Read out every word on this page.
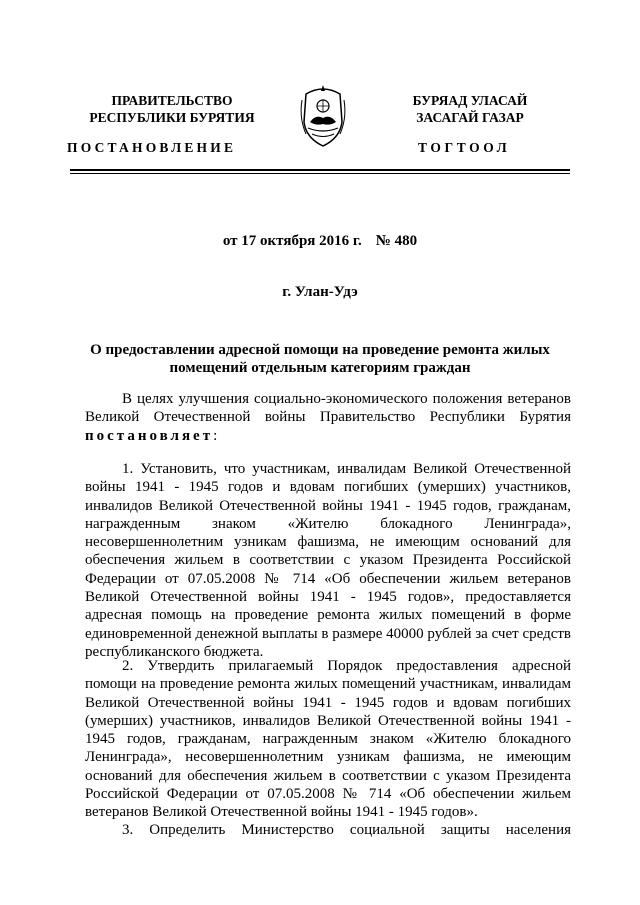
ПРАВИТЕЛЬСТВО
РЕСПУБЛИКИ БУРЯТИЯ
БУРЯАД УЛАСАЙ
ЗАСАГАЙ ГАЗАР
ПОСТАНОВЛЕНИЕ	ТОГТООЛ
от 17 октября 2016 г. № 480
г. Улан-Удэ
О предоставлении адресной помощи на проведение ремонта жилых
помещений отдельным категориям граждан

В целях улучшения социально-экономического положения ветеранов Великой Отечественной войны Правительство Республики Бурятия постановляет:

1. Установить, что участникам, инвалидам Великой Отечественной войны 1941 - 1945 годов и вдовам погибших (умерших) участников, инвалидов Великой Отечественной войны 1941 - 1945 годов, гражданам, награжденным знаком «Жителю блокадного Ленинграда», несовершеннолетним узникам фашизма, не имеющим оснований для обеспечения жильем в соответствии с указом Президента Российской Федерации от 07.05.2008 № 714 «Об обеспечении жильем ветеранов Великой Отечественной войны 1941 - 1945 годов», предоставляется адресная помощь на проведение ремонта жилых помещений в форме единовременной денежной выплаты в размере 40000 рублей за счет средств республиканского бюджета.

2. Утвердить прилагаемый Порядок предоставления адресной помощи на проведение ремонта жилых помещений участникам, инвалидам Великой Отечественной войны 1941 - 1945 годов и вдовам погибших (умерших) участников, инвалидов Великой Отечественной войны 1941 - 1945 годов, гражданам, награжденным знаком «Жителю блокадного Ленинграда», несовершеннолетним узникам фашизма, не имеющим оснований для обеспечения жильем в соответствии с указом Президента Российской Федерации от 07.05.2008 № 714 «Об обеспечении жильем ветеранов Великой Отечественной войны 1941 - 1945 годов».

3. Определить Министерство социальной защиты населения
